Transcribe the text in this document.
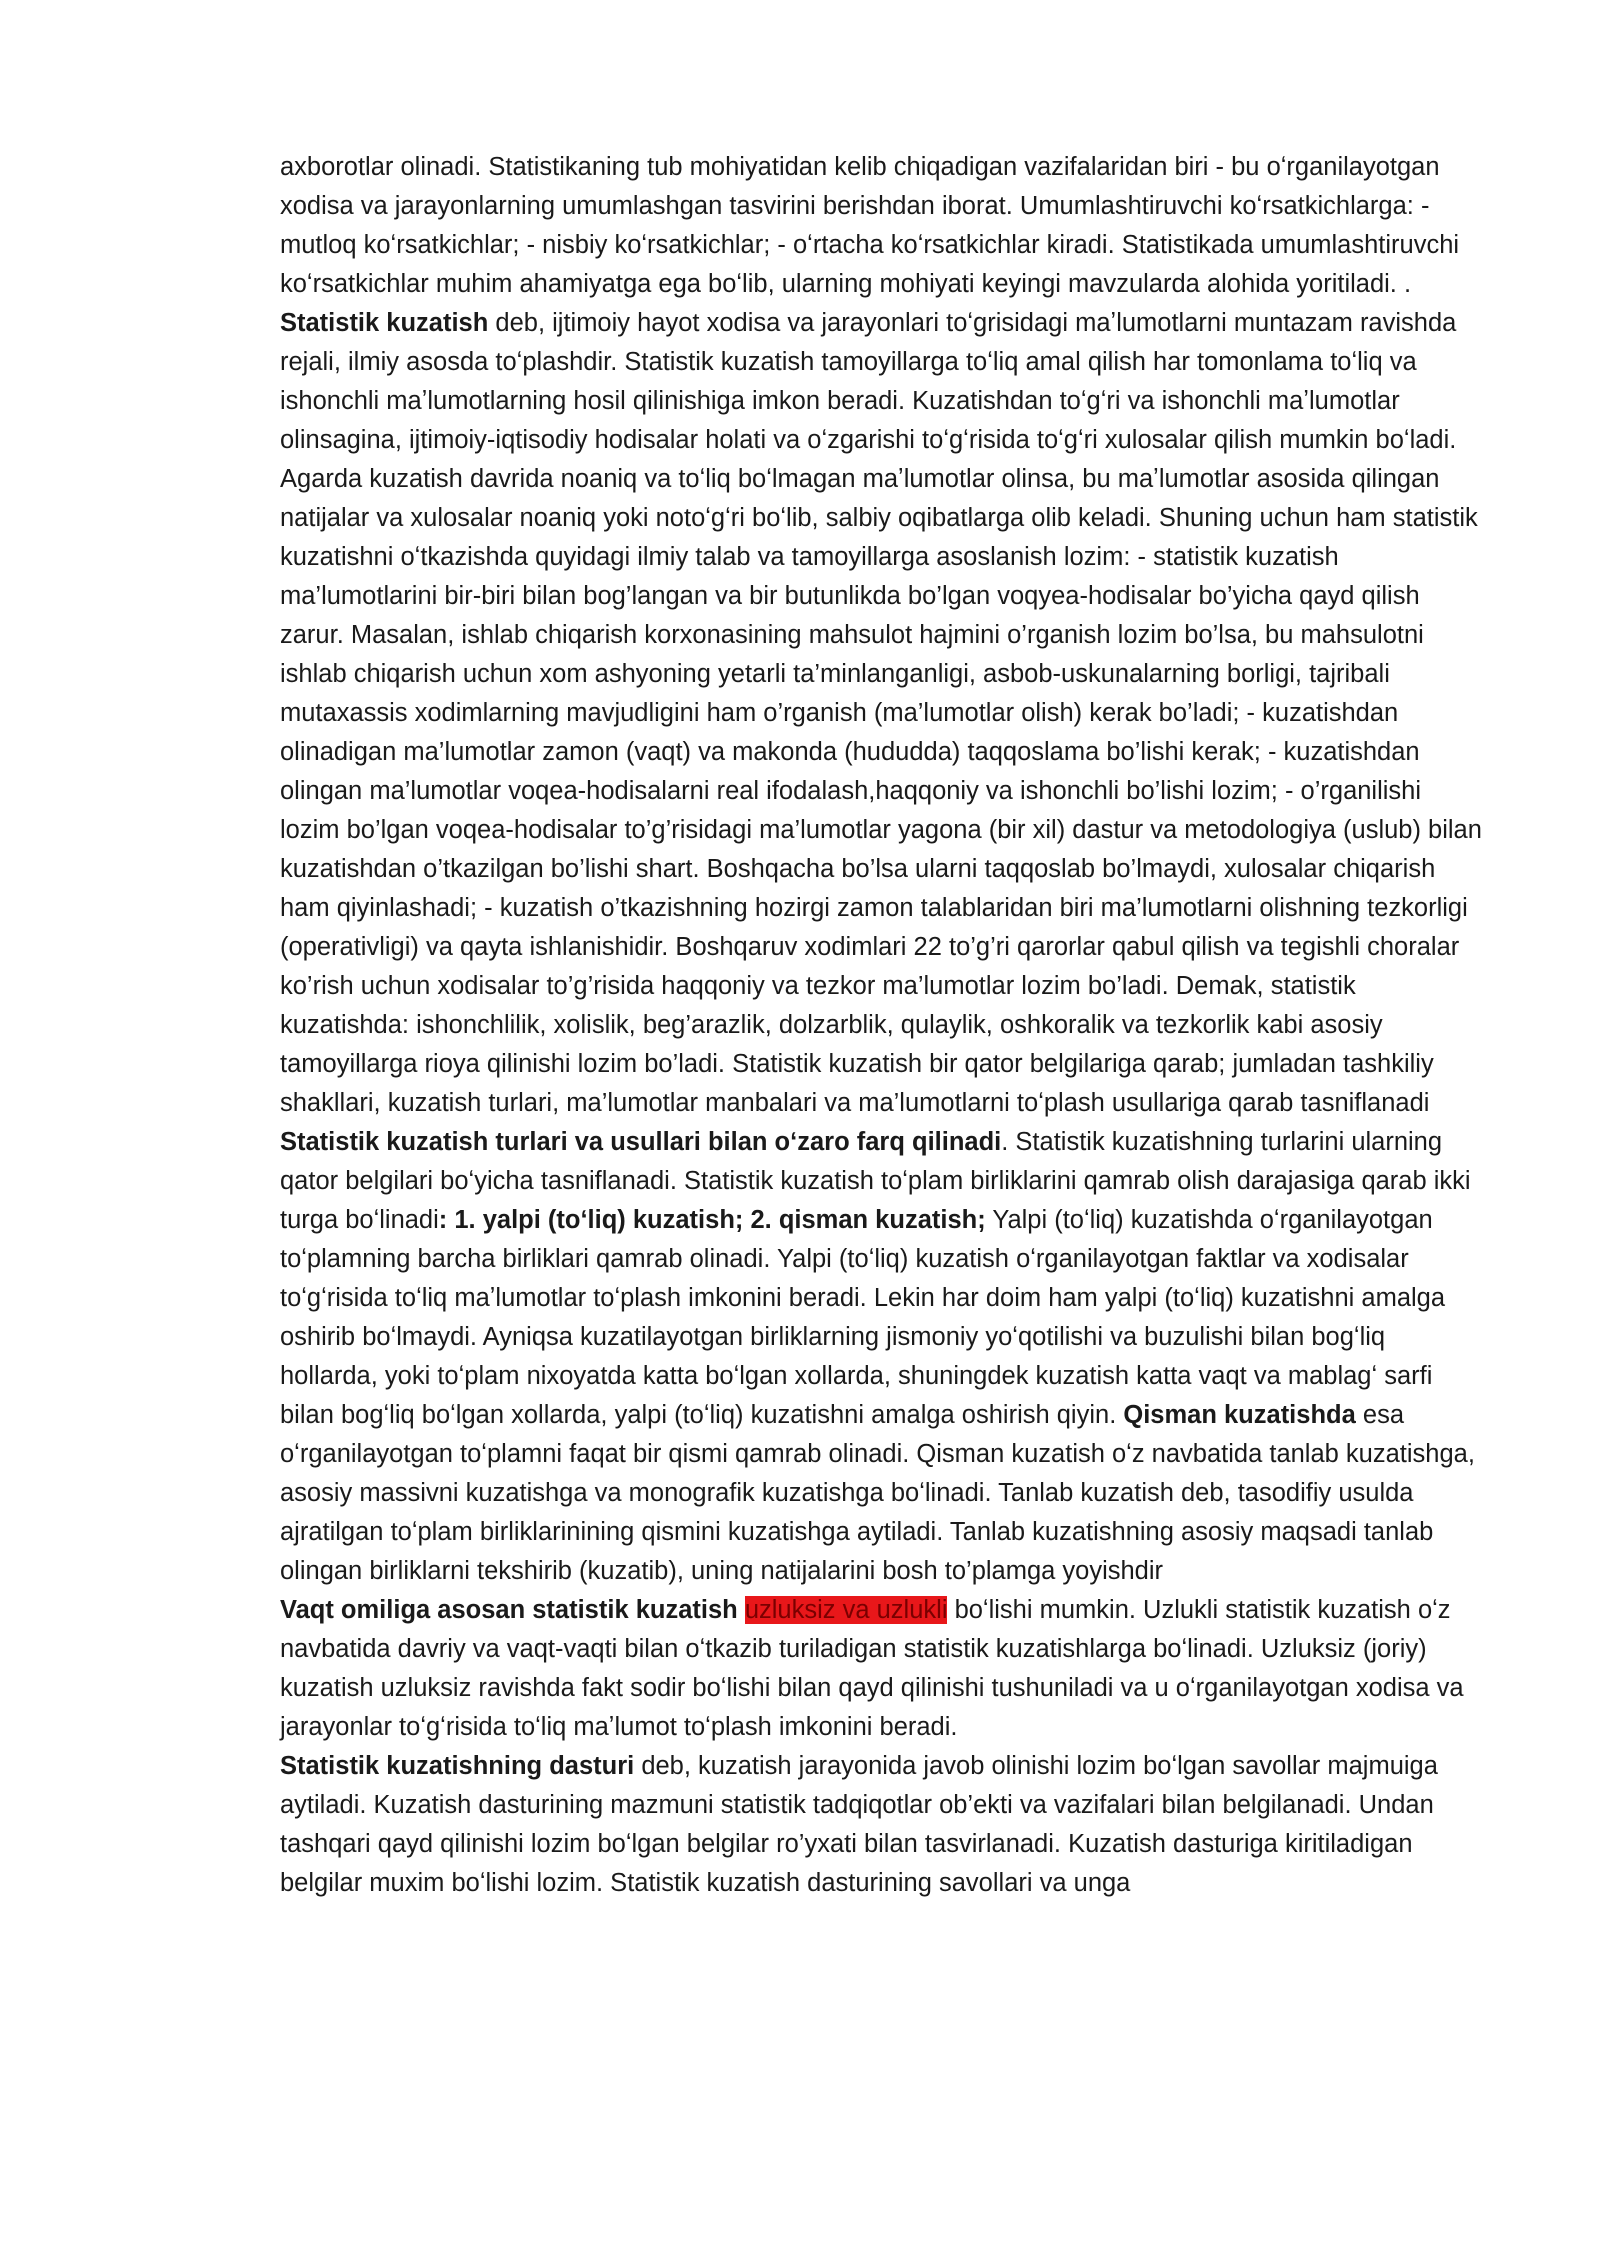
axborotlar olinadi. Statistikaning tub mohiyatidan kelib chiqadigan vazifalaridan biri - bu oʻrganilayotgan xodisa va jarayonlarning umumlashgan tasvirini berishdan iborat. Umumlashtiruvchi koʻrsatkichlarga: - mutloq koʻrsatkichlar; - nisbiy koʻrsatkichlar; - oʻrtacha koʻrsatkichlar kiradi. Statistikada umumlashtiruvchi koʻrsatkichlar muhim ahamiyatga ega boʻlib, ularning mohiyati keyingi mavzularda alohida yoritiladi. .

Statistik kuzatish deb, ijtimoiy hayot xodisa va jarayonlari toʻgrisidagi maʼlumotlarni muntazam ravishda rejali, ilmiy asosda toʻplashdir. Statistik kuzatish tamoyillarga toʻliq amal qilish har tomonlama toʻliq va ishonchli maʼlumotlarning hosil qilinishiga imkon beradi. Kuzatishdan toʻgʻri va ishonchli maʼlumotlar olinsagina, ijtimoiy-iqtisodiy hodisalar holati va oʻzgarishi toʻgʻrisida toʻgʻri xulosalar qilish mumkin boʻladi. Agarda kuzatish davrida noaniq va toʻliq boʻlmagan maʼlumotlar olinsa, bu maʼlumotlar asosida qilingan natijalar va xulosalar noaniq yoki notoʻgʻri boʻlib, salbiy oqibatlarga olib keladi. Shuning uchun ham statistik kuzatishni oʻtkazishda quyidagi ilmiy talab va tamoyillarga asoslanish lozim: - statistik kuzatish ma’lumotlarini bir-biri bilan bog’langan va bir butunlikda bo’lgan voqyea-hodisalar bo’yicha qayd qilish zarur. Masalan, ishlab chiqarish korxonasining mahsulot hajmini o’rganish lozim bo’lsa, bu mahsulotni ishlab chiqarish uchun xom ashyoning yetarli ta’minlanganligi, asbob-uskunalarning borligi, tajribali mutaxassis xodimlarning mavjudligini ham o’rganish (ma’lumotlar olish) kerak bo’ladi; - kuzatishdan olinadigan ma’lumotlar zamon (vaqt) va makonda (hududda) taqqoslama bo’lishi kerak; - kuzatishdan olingan ma’lumotlar voqea-hodisalarni real ifodalash,haqqoniy va ishonchli bo’lishi lozim; - o’rganilishi lozim bo’lgan voqea-hodisalar to’g’risidagi ma’lumotlar yagona (bir xil) dastur va metodologiya (uslub) bilan kuzatishdan o’tkazilgan bo’lishi shart. Boshqacha bo’lsa ularni taqqoslab bo’lmaydi, xulosalar chiqarish ham qiyinlashadi; - kuzatish o’tkazishning hozirgi zamon talablaridan biri ma’lumotlarni olishning tezkorligi (operativligi) va qayta ishlanishidir. Boshqaruv xodimlari 22 to’g’ri qarorlar qabul qilish va tegishli choralar ko’rish uchun xodisalar to’g’risida haqqoniy va tezkor ma’lumotlar lozim bo’ladi. Demak, statistik kuzatishda: ishonchlilik, xolislik, beg’arazlik, dolzarblik, qulaylik, oshkoralik va tezkorlik kabi asosiy tamoyillarga rioya qilinishi lozim bo’ladi. Statistik kuzatish bir qator belgilariga qarab; jumladan tashkiliy shakllari, kuzatish turlari, ma’lumotlar manbalari va ma’lumotlarni toʻplash usullariga qarab tasniflanadi

Statistik kuzatish turlari va usullari bilan oʻzaro farq qilinadi. Statistik kuzatishning turlarini ularning qator belgilari boʻyicha tasniflanadi. Statistik kuzatish toʻplam birliklarini qamrab olish darajasiga qarab ikki turga boʻlinadi: 1. yalpi (toʻliq) kuzatish; 2. qisman kuzatish; Yalpi (toʻliq) kuzatishda oʻrganilayotgan toʻplamning barcha birliklari qamrab olinadi. Yalpi (toʻliq) kuzatish oʻrganilayotgan faktlar va xodisalar toʻgʻrisida toʻliq maʼlumotlar toʻplash imkonini beradi. Lekin har doim ham yalpi (toʻliq) kuzatishni amalga oshirib boʻlmaydi. Ayniqsa kuzatilayotgan birliklarning jismoniy yoʻqotilishi va buzulishi bilan bogʻliq hollarda, yoki toʻplam nixoyatda katta boʻlgan xollarda, shuningdek kuzatish katta vaqt va mablagʻ sarfi bilan bogʻliq boʻlgan xollarda, yalpi (toʻliq) kuzatishni amalga oshirish qiyin. Qisman kuzatishda esa oʻrganilayotgan toʻplamni faqat bir qismi qamrab olinadi. Qisman kuzatish oʻz navbatida tanlab kuzatishga, asosiy massivni kuzatishga va monografik kuzatishga boʻlinadi. Tanlab kuzatish deb, tasodifiy usulda ajratilgan toʻplam birliklarinining qismini kuzatishga aytiladi. Tanlab kuzatishning asosiy maqsadi tanlab olingan birliklarni tekshirib (kuzatib), uning natijalarini bosh to’plamga yoyishdir

Vaqt omiliga asosan statistik kuzatish uzluksiz va uzlukli boʻlishi mumkin. Uzlukli statistik kuzatish oʻz navbatida davriy va vaqt-vaqti bilan oʻtkazib turiladigan statistik kuzatishlarga boʻlinadi. Uzluksiz (joriy) kuzatish uzluksiz ravishda fakt sodir boʻlishi bilan qayd qilinishi tushuniladi va u oʻrganilayotgan xodisa va jarayonlar toʻgʻrisida toʻliq maʼlumot toʻplash imkonini beradi.

Statistik kuzatishning dasturi deb, kuzatish jarayonida javob olinishi lozim boʻlgan savollar majmuiga aytiladi. Kuzatish dasturining mazmuni statistik tadqiqotlar ob’ekti va vazifalari bilan belgilanadi. Undan tashqari qayd qilinishi lozim boʻlgan belgilar ro’yxati bilan tasvirlanadi. Kuzatish dasturiga kiritiladigan belgilar muxim boʻlishi lozim. Statistik kuzatish dasturining savollari va unga
